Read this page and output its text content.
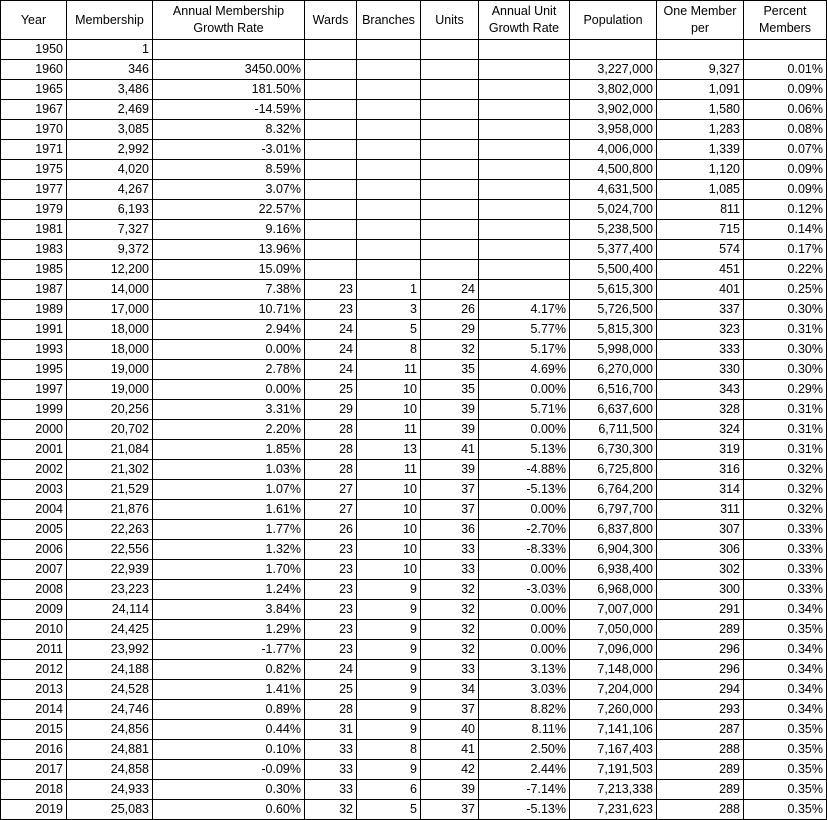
Year	Membership	Annual Membership Growth Rate	Wards	Branches	Units	Annual Unit Growth Rate	Population	One Member per	Percent Members
1950	1								
1960	346	3450.00%					3,227,000	9,327	0.01%
1965	3,486	181.50%					3,802,000	1,091	0.09%
1967	2,469	-14.59%					3,902,000	1,580	0.06%
1970	3,085	8.32%					3,958,000	1,283	0.08%
1971	2,992	-3.01%					4,006,000	1,339	0.07%
1975	4,020	8.59%					4,500,800	1,120	0.09%
1977	4,267	3.07%					4,631,500	1,085	0.09%
1979	6,193	22.57%					5,024,700	811	0.12%
1981	7,327	9.16%					5,238,500	715	0.14%
1983	9,372	13.96%					5,377,400	574	0.17%
1985	12,200	15.09%					5,500,400	451	0.22%
1987	14,000	7.38%	23	1	24		5,615,300	401	0.25%
1989	17,000	10.71%	23	3	26	4.17%	5,726,500	337	0.30%
1991	18,000	2.94%	24	5	29	5.77%	5,815,300	323	0.31%
1993	18,000	0.00%	24	8	32	5.17%	5,998,000	333	0.30%
1995	19,000	2.78%	24	11	35	4.69%	6,270,000	330	0.30%
1997	19,000	0.00%	25	10	35	0.00%	6,516,700	343	0.29%
1999	20,256	3.31%	29	10	39	5.71%	6,637,600	328	0.31%
2000	20,702	2.20%	28	11	39	0.00%	6,711,500	324	0.31%
2001	21,084	1.85%	28	13	41	5.13%	6,730,300	319	0.31%
2002	21,302	1.03%	28	11	39	-4.88%	6,725,800	316	0.32%
2003	21,529	1.07%	27	10	37	-5.13%	6,764,200	314	0.32%
2004	21,876	1.61%	27	10	37	0.00%	6,797,700	311	0.32%
2005	22,263	1.77%	26	10	36	-2.70%	6,837,800	307	0.33%
2006	22,556	1.32%	23	10	33	-8.33%	6,904,300	306	0.33%
2007	22,939	1.70%	23	10	33	0.00%	6,938,400	302	0.33%
2008	23,223	1.24%	23	9	32	-3.03%	6,968,000	300	0.33%
2009	24,114	3.84%	23	9	32	0.00%	7,007,000	291	0.34%
2010	24,425	1.29%	23	9	32	0.00%	7,050,000	289	0.35%
2011	23,992	-1.77%	23	9	32	0.00%	7,096,000	296	0.34%
2012	24,188	0.82%	24	9	33	3.13%	7,148,000	296	0.34%
2013	24,528	1.41%	25	9	34	3.03%	7,204,000	294	0.34%
2014	24,746	0.89%	28	9	37	8.82%	7,260,000	293	0.34%
2015	24,856	0.44%	31	9	40	8.11%	7,141,106	287	0.35%
2016	24,881	0.10%	33	8	41	2.50%	7,167,403	288	0.35%
2017	24,858	-0.09%	33	9	42	2.44%	7,191,503	289	0.35%
2018	24,933	0.30%	33	6	39	-7.14%	7,213,338	289	0.35%
2019	25,083	0.60%	32	5	37	-5.13%	7,231,623	288	0.35%
